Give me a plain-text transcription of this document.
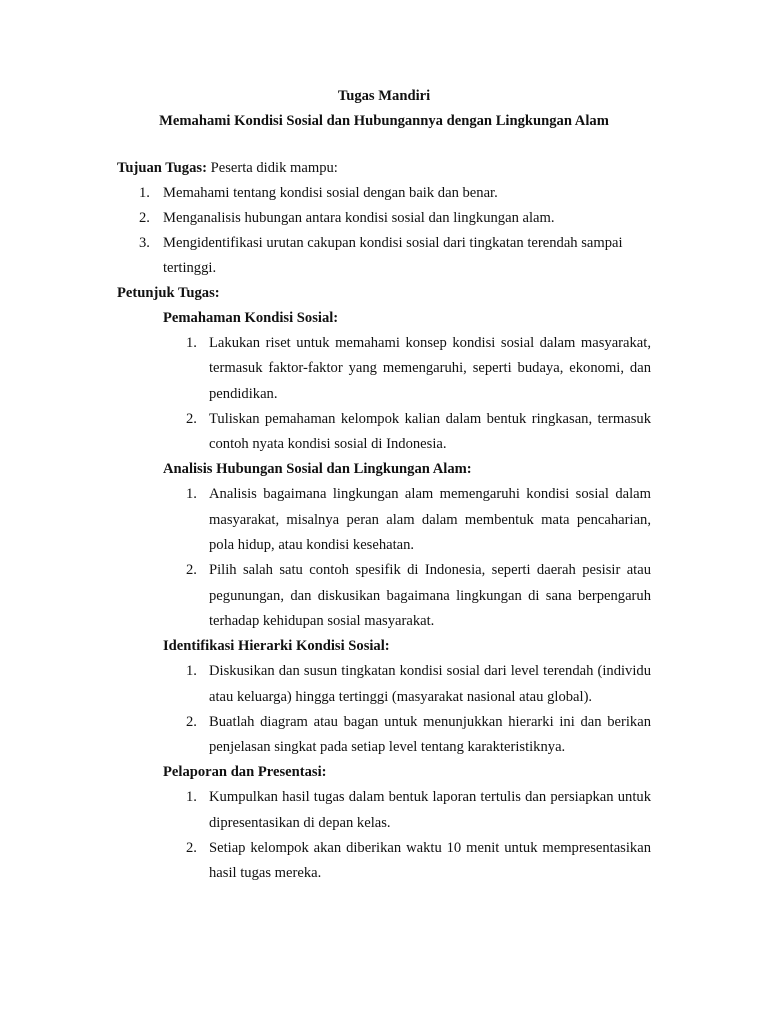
Tugas Mandiri

Memahami Kondisi Sosial dan Hubungannya dengan Lingkungan Alam

Tujuan Tugas: Peserta didik mampu:

1. Memahami tentang kondisi sosial dengan baik dan benar.
2. Menganalisis hubungan antara kondisi sosial dan lingkungan alam.
3. Mengidentifikasi urutan cakupan kondisi sosial dari tingkatan terendah sampai tertinggi.

Petunjuk Tugas:

Pemahaman Kondisi Sosial:

1. Lakukan riset untuk memahami konsep kondisi sosial dalam masyarakat, termasuk faktor-faktor yang memengaruhi, seperti budaya, ekonomi, dan pendidikan.
2. Tuliskan pemahaman kelompok kalian dalam bentuk ringkasan, termasuk contoh nyata kondisi sosial di Indonesia.

Analisis Hubungan Sosial dan Lingkungan Alam:

1. Analisis bagaimana lingkungan alam memengaruhi kondisi sosial dalam masyarakat, misalnya peran alam dalam membentuk mata pencaharian, pola hidup, atau kondisi kesehatan.
2. Pilih salah satu contoh spesifik di Indonesia, seperti daerah pesisir atau pegunungan, dan diskusikan bagaimana lingkungan di sana berpengaruh terhadap kehidupan sosial masyarakat.

Identifikasi Hierarki Kondisi Sosial:

1. Diskusikan dan susun tingkatan kondisi sosial dari level terendah (individu atau keluarga) hingga tertinggi (masyarakat nasional atau global).
2. Buatlah diagram atau bagan untuk menunjukkan hierarki ini dan berikan penjelasan singkat pada setiap level tentang karakteristiknya.

Pelaporan dan Presentasi:

1. Kumpulkan hasil tugas dalam bentuk laporan tertulis dan persiapkan untuk dipresentasikan di depan kelas.
2. Setiap kelompok akan diberikan waktu 10 menit untuk mempresentasikan hasil tugas mereka.
